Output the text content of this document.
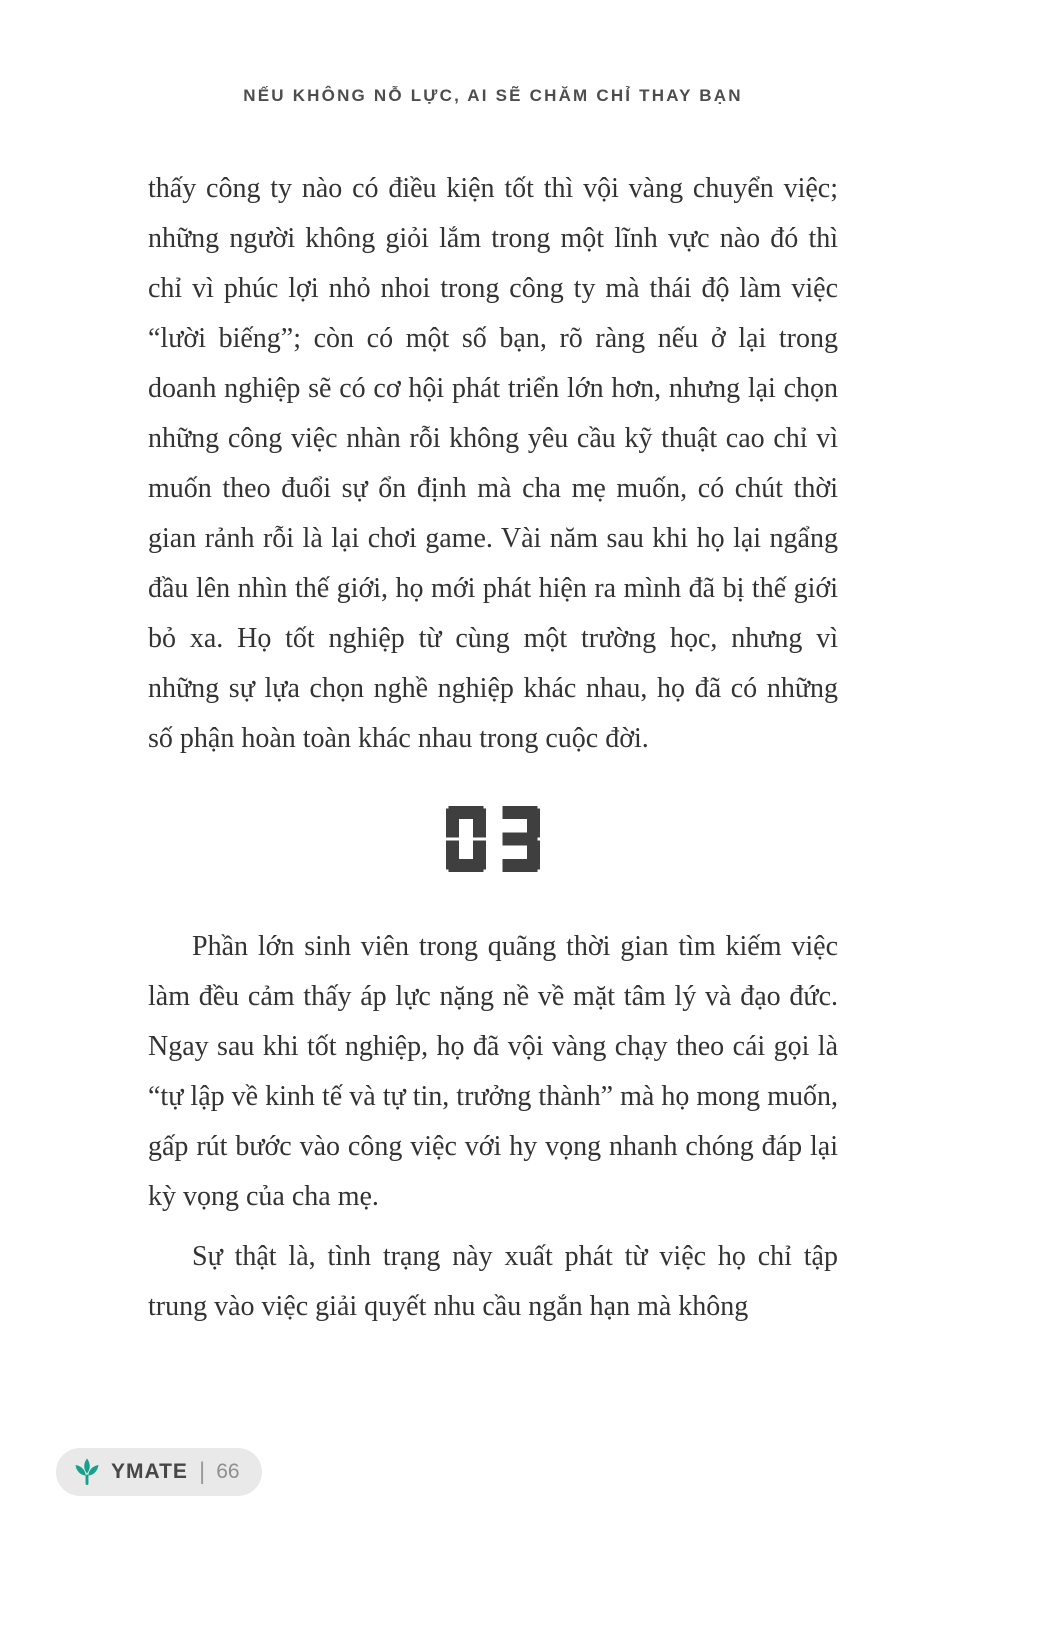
NẾU KHÔNG NỖ LỰC, AI SẼ CHĂM CHỈ THAY BẠN

thấy công ty nào có điều kiện tốt thì vội vàng chuyển việc; những người không giỏi lắm trong một lĩnh vực nào đó thì chỉ vì phúc lợi nhỏ nhoi trong công ty mà thái độ làm việc “lười biếng”; còn có một số bạn, rõ ràng nếu ở lại trong doanh nghiệp sẽ có cơ hội phát triển lớn hơn, nhưng lại chọn những công việc nhàn rỗi không yêu cầu kỹ thuật cao chỉ vì muốn theo đuổi sự ổn định mà cha mẹ muốn, có chút thời gian rảnh rỗi là lại chơi game. Vài năm sau khi họ lại ngẩng đầu lên nhìn thế giới, họ mới phát hiện ra mình đã bị thế giới bỏ xa. Họ tốt nghiệp từ cùng một trường học, nhưng vì những sự lựa chọn nghề nghiệp khác nhau, họ đã có những số phận hoàn toàn khác nhau trong cuộc đời.

Phần lớn sinh viên trong quãng thời gian tìm kiếm việc làm đều cảm thấy áp lực nặng nề về mặt tâm lý và đạo đức. Ngay sau khi tốt nghiệp, họ đã vội vàng chạy theo cái gọi là “tự lập về kinh tế và tự tin, trưởng thành” mà họ mong muốn, gấp rút bước vào công việc với hy vọng nhanh chóng đáp lại kỳ vọng của cha mẹ.

Sự thật là, tình trạng này xuất phát từ việc họ chỉ tập trung vào việc giải quyết nhu cầu ngắn hạn mà không

YMATE | 66
